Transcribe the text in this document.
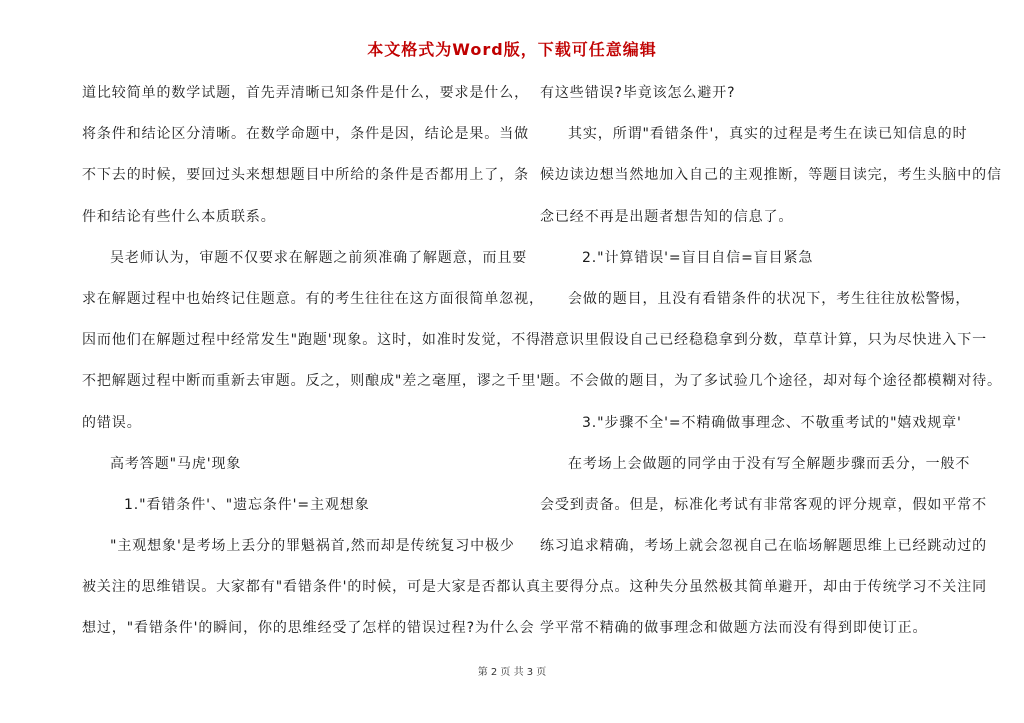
本文格式为Word版，下载可任意编辑
道比较简单的数学试题，首先弄清晰已知条件是什么，要求是什么，
将条件和结论区分清晰。在数学命题中，条件是因，结论是果。当做
不下去的时候，要回过头来想想题目中所给的条件是否都用上了，条
件和结论有些什么本质联系。
吴老师认为，审题不仅要求在解题之前须准确了解题意，而且要
求在解题过程中也始终记住题意。有的考生往往在这方面很简单忽视，
因而他们在解题过程中经常发生"跑题'现象。这时，如准时发觉，不得
不把解题过程中断而重新去审题。反之，则酿成"差之毫厘，谬之千里'
的错误。
高考答题"马虎'现象
1."看错条件'、"遗忘条件'=主观想象
"主观想象'是考场上丢分的罪魁祸首,然而却是传统复习中极少
被关注的思维错误。大家都有"看错条件'的时候，可是大家是否都认真
想过，"看错条件'的瞬间，你的思维经受了怎样的错误过程?为什么会
有这些错误?毕竟该怎么避开?
其实，所谓"看错条件'，真实的过程是考生在读已知信息的时
候边读边想当然地加入自己的主观推断，等题目读完，考生头脑中的信
念已经不再是出题者想告知的信息了。
2."计算错误'=盲目自信=盲目紧急
会做的题目，且没有看错条件的状况下，考生往往放松警惕，
潜意识里假设自己已经稳稳拿到分数，草草计算，只为尽快进入下一
题。不会做的题目，为了多试验几个途径，却对每个途径都模糊对待。
3."步骤不全'=不精确做事理念、不敬重考试的"嬉戏规章'
在考场上会做题的同学由于没有写全解题步骤而丢分，一般不
会受到责备。但是，标准化考试有非常客观的评分规章，假如平常不
练习追求精确，考场上就会忽视自己在临场解题思维上已经跳动过的
主要得分点。这种失分虽然极其简单避开，却由于传统学习不关注同
学平常不精确的做事理念和做题方法而没有得到即使订正。
第 2 页 共 3 页
